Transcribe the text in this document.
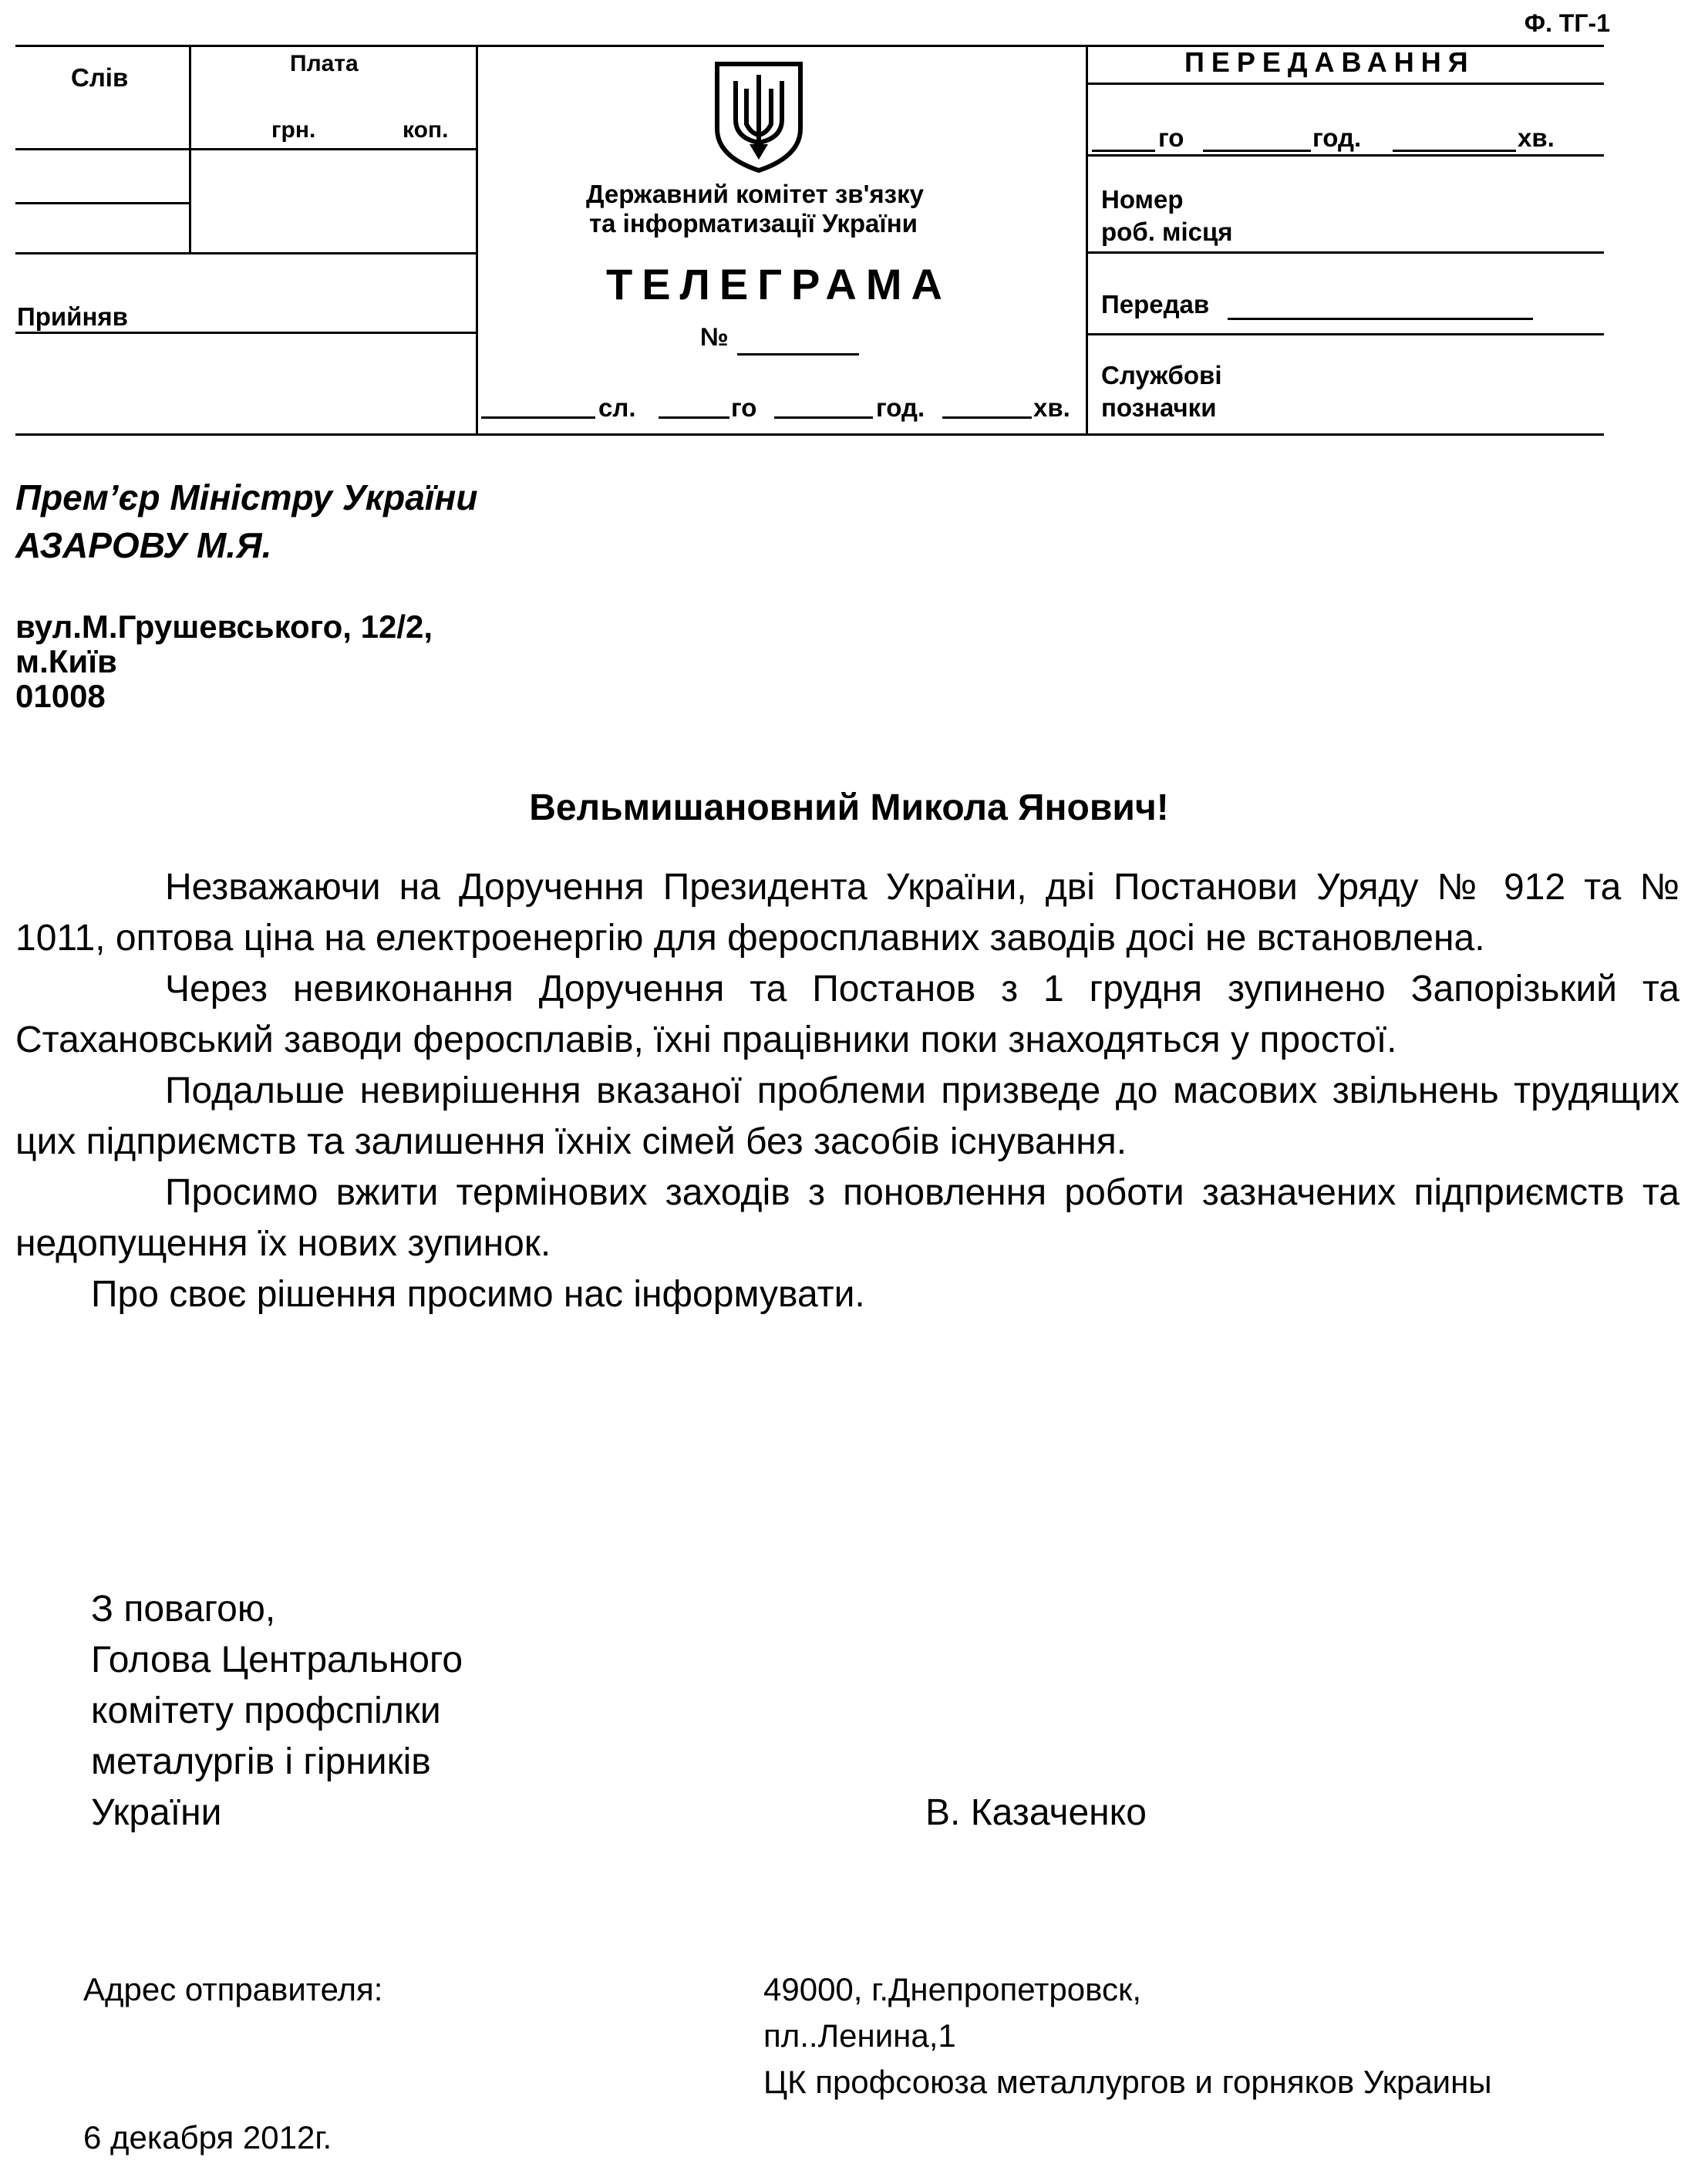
Ф. ТГ-1
Слів	Плата
грн.	коп.
Прийняв
Державний комітет зв'язку
та інформатизації України
ТЕЛЕГРАМА
№
сл.	го	год.	хв.
ПЕРЕДАВАННЯ
го	год.	хв.
Номер
роб. місця
Передав
Службові
позначки
Прем’єр Міністру України
АЗАРОВУ М.Я.
вул.М.Грушевського, 12/2,
м.Київ
01008
Вельмишановний Микола Янович!

Незважаючи на Доручення Президента України, дві Постанови Уряду № 912 та № 1011, оптова ціна на електроенергію для феросплавних заводів досі не встановлена.

Через невиконання Доручення та Постанов з 1 грудня зупинено Запорізький та Стахановський заводи феросплавів, їхні працівники поки знаходяться у простої.

Подальше невирішення вказаної проблеми призведе до масових звільнень трудящих цих підприємств та залишення їхніх сімей без засобів існування.

Просимо вжити термінових заходів з поновлення роботи зазначених підприємств та недопущення їх нових зупинок.

Про своє рішення просимо нас інформувати.

З повагою,
Голова Центрального
комітету профспілки
металургів і гірників
України	В. Казаченко
Адрес отправителя:	49000, г.Днепропетровск,
пл..Ленина,1
ЦК профсоюза металлургов и горняков Украины
6 декабря 2012г.
